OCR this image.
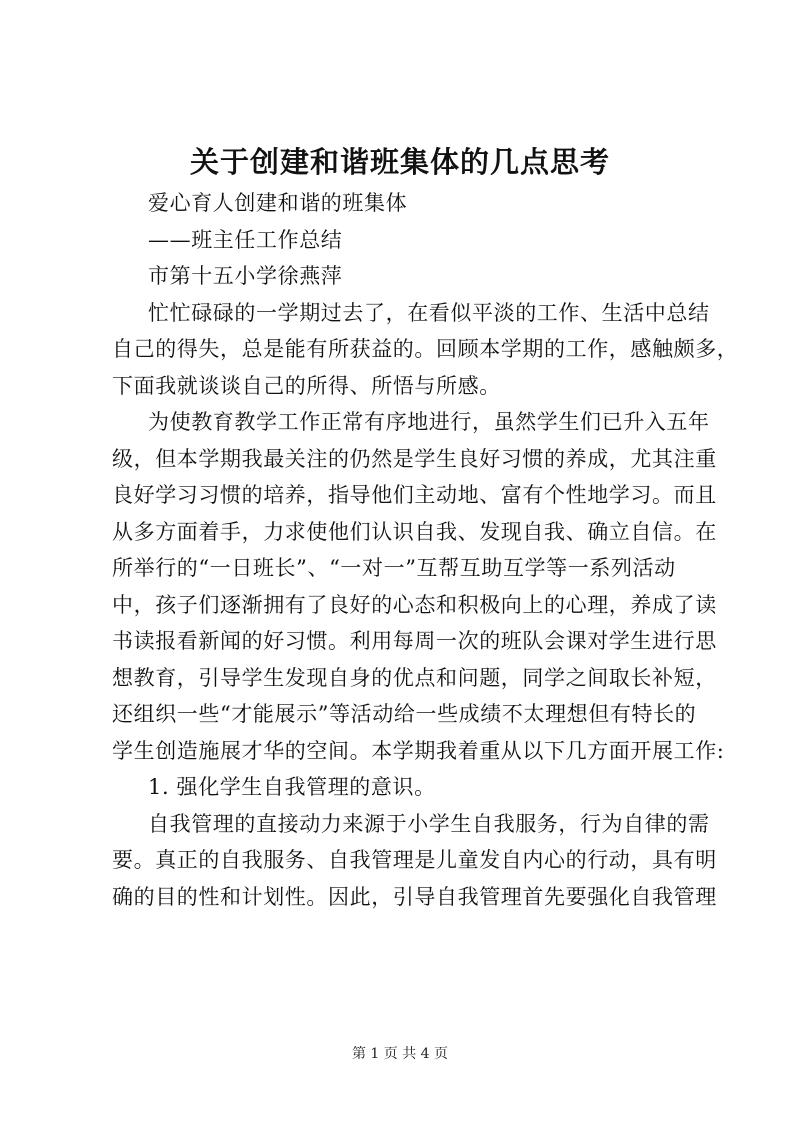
关于创建和谐班集体的几点思考
爱心育人创建和谐的班集体
——班主任工作总结
市第十五小学徐燕萍
忙忙碌碌的一学期过去了，在看似平淡的工作、生活中总结
自己的得失，总是能有所获益的。回顾本学期的工作，感触颇多，
下面我就谈谈自己的所得、所悟与所感。
为使教育教学工作正常有序地进行，虽然学生们已升入五年
级，但本学期我最关注的仍然是学生良好习惯的养成，尤其注重
良好学习习惯的培养，指导他们主动地、富有个性地学习。而且
从多方面着手，力求使他们认识自我、发现自我、确立自信。在
所举行的“一日班长”、“一对一”互帮互助互学等一系列活动
中，孩子们逐渐拥有了良好的心态和积极向上的心理，养成了读
书读报看新闻的好习惯。利用每周一次的班队会课对学生进行思
想教育，引导学生发现自身的优点和问题，同学之间取长补短，
还组织一些“才能展示”等活动给一些成绩不太理想但有特长的
学生创造施展才华的空间。本学期我着重从以下几方面开展工作:
1. 强化学生自我管理的意识。
自我管理的直接动力来源于小学生自我服务，行为自律的需
要。真正的自我服务、自我管理是儿童发自内心的行动，具有明
确的目的性和计划性。因此，引导自我管理首先要强化自我管理
第 1 页 共 4 页
